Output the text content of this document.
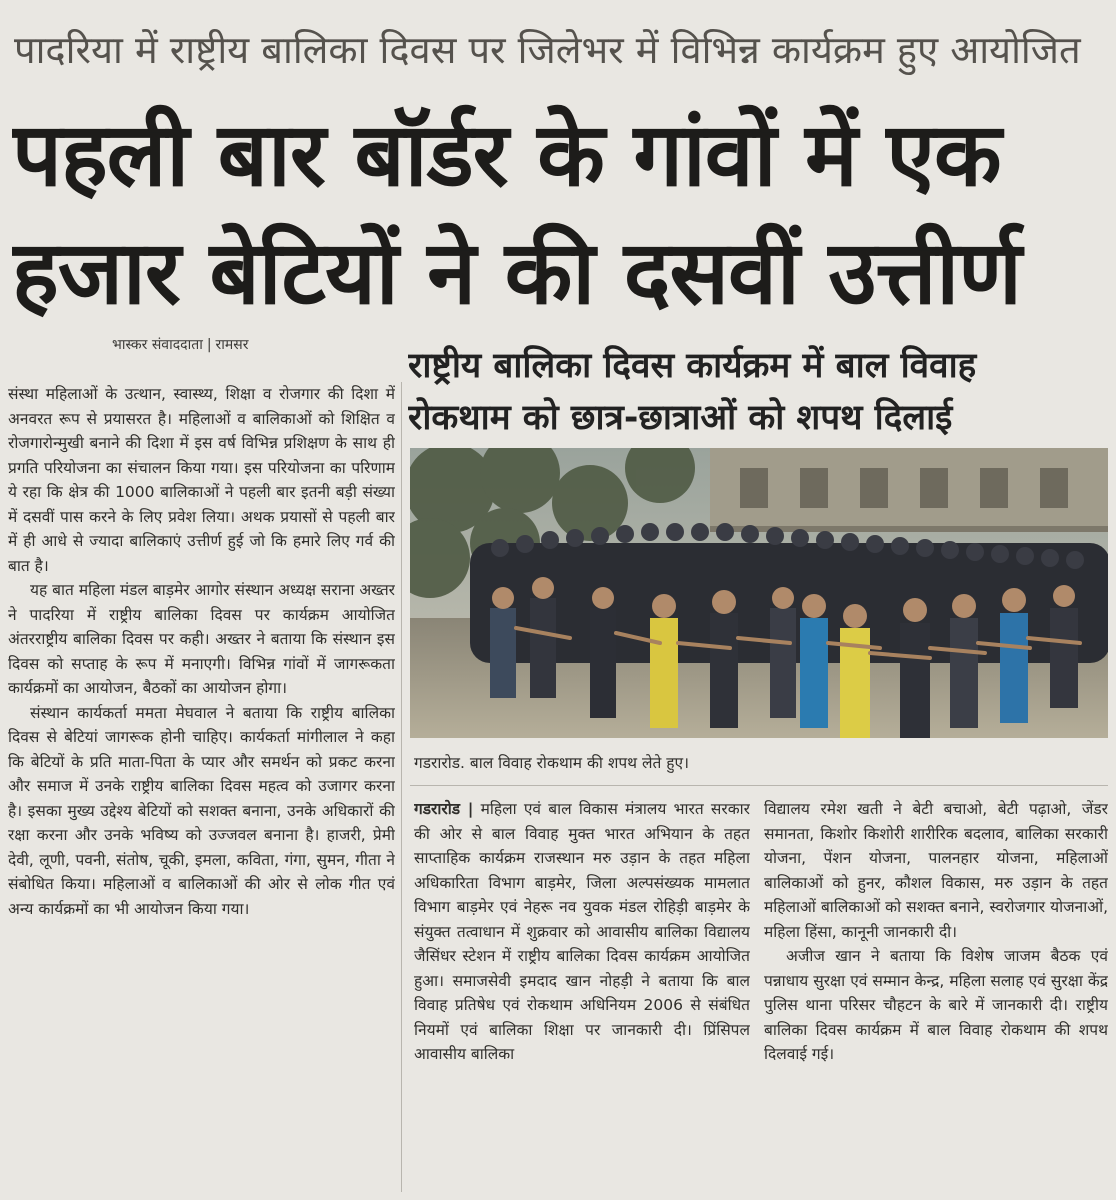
पादरिया में राष्ट्रीय बालिका दिवस पर जिलेभर में विभिन्न कार्यक्रम हुए आयोजित
पहली बार बॉर्डर के गांवों में एक
हजार बेटियों ने की दसवीं उत्तीर्ण
भास्कर संवाददाता | रामसर
राष्ट्रीय बालिका दिवस कार्यक्रम में बाल विवाह
रोकथाम को छात्र-छात्राओं को शपथ दिलाई

संस्था महिलाओं के उत्थान, स्वास्थ्य, शिक्षा व रोजगार की दिशा में अनवरत रूप से प्रयासरत है। महिलाओं व बालिकाओं को शिक्षित व रोजगारोन्मुखी बनाने की दिशा में इस वर्ष विभिन्न प्रशिक्षण के साथ ही प्रगति परियोजना का संचालन किया गया। इस परियोजना का परिणाम ये रहा कि क्षेत्र की 1000 बालिकाओं ने पहली बार इतनी बड़ी संख्या में दसवीं पास करने के लिए प्रवेश लिया। अथक प्रयासों से पहली बार में ही आधे से ज्यादा बालिकाएं उत्तीर्ण हुई जो कि हमारे लिए गर्व की बात है।

यह बात महिला मंडल बाड़मेर आगोर संस्थान अध्यक्ष सराना अख्तर ने पादरिया में राष्ट्रीय बालिका दिवस पर कार्यक्रम आयोजित अंतरराष्ट्रीय बालिका दिवस पर कही। अख्तर ने बताया कि संस्थान इस दिवस को सप्ताह के रूप में मनाएगी। विभिन्न गांवों में जागरूकता कार्यक्रमों का आयोजन, बैठकों का आयोजन होगा।

संस्थान कार्यकर्ता ममता मेघवाल ने बताया कि राष्ट्रीय बालिका दिवस से बेटियां जागरूक होनी चाहिए। कार्यकर्ता मांगीलाल ने कहा कि बेटियों के प्रति माता-पिता के प्यार और समर्थन को प्रकट करना और समाज में उनके राष्ट्रीय बालिका दिवस महत्व को उजागर करना है। इसका मुख्य उद्देश्य बेटियों को सशक्त बनाना, उनके अधिकारों की रक्षा करना और उनके भविष्य को उज्जवल बनाना है। हाजरी, प्रेमी देवी, लूणी, पवनी, संतोष, चूकी, इमला, कविता, गंगा, सुमन, गीता ने संबोधित किया। महिलाओं व बालिकाओं की ओर से लोक गीत एवं अन्य कार्यक्रमों का भी आयोजन किया गया।

गडरारोड. बाल विवाह रोकथाम की शपथ लेते हुए।

गडरारोड | महिला एवं बाल विकास मंत्रालय भारत सरकार की ओर से बाल विवाह मुक्त भारत अभियान के तहत साप्ताहिक कार्यक्रम राजस्थान मरु उड़ान के तहत महिला अधिकारिता विभाग बाड़मेर, जिला अल्पसंख्यक मामलात विभाग बाड़मेर एवं नेहरू नव युवक मंडल रोहिड़ी बाड़मेर के संयुक्त तत्वाधान में शुक्रवार को आवासीय बालिका विद्यालय जैसिंधर स्टेशन में राष्ट्रीय बालिका दिवस कार्यक्रम आयोजित हुआ। समाजसेवी इमदाद खान नोहड़ी ने बताया कि बाल विवाह प्रतिषेध एवं रोकथाम अधिनियम 2006 से संबंधित नियमों एवं बालिका शिक्षा पर जानकारी दी। प्रिंसिपल आवासीय बालिका

विद्यालय रमेश खती ने बेटी बचाओ, बेटी पढ़ाओ, जेंडर समानता, किशोर किशोरी शारीरिक बदलाव, बालिका सरकारी योजना, पेंशन योजना, पालनहार योजना, महिलाओं बालिकाओं को हुनर, कौशल विकास, मरु उड़ान के तहत महिलाओं बालिकाओं को सशक्त बनाने, स्वरोजगार योजनाओं, महिला हिंसा, कानूनी जानकारी दी।

अजीज खान ने बताया कि विशेष जाजम बैठक एवं पन्नाधाय सुरक्षा एवं सम्मान केन्द्र, महिला सलाह एवं सुरक्षा केंद्र पुलिस थाना परिसर चौहटन के बारे में जानकारी दी। राष्ट्रीय बालिका दिवस कार्यक्रम में बाल विवाह रोकथाम की शपथ दिलवाई गई।
